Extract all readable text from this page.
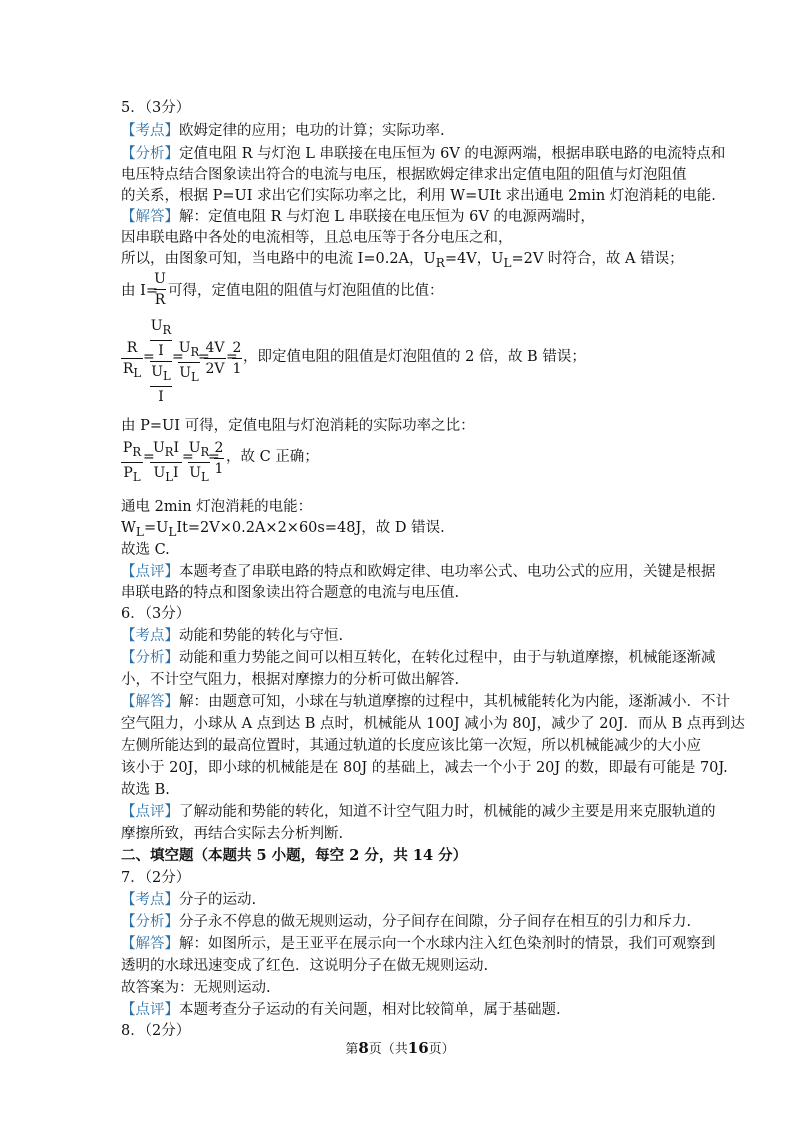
5．（3分）
【考点】欧姆定律的应用；电功的计算；实际功率.
【分析】定值电阻 R 与灯泡 L 串联接在电压恒为 6V 的电源两端，根据串联电路的电流特点和
电压特点结合图象读出符合的电流与电压，根据欧姆定律求出定值电阻的阻值与灯泡阻值
的关系，根据 P=UI 求出它们实际功率之比，利用 W=UIt 求出通电 2min 灯泡消耗的电能.
【解答】解：定值电阻 R 与灯泡 L 串联接在电压恒为 6V 的电源两端时，
因串联电路中各处的电流相等，且总电压等于各分电压之和，
所以，由图象可知，当电路中的电流 I=0.2A，$U_R=4V$，$U_L=2V$ 时符合，故 A 错误；
由 I=
U
R
可得，定值电阻的阻值与灯泡阻值的比值：
R
$R_L$
=
$U_R$
I
$U_L$
I
=
$U_R$
$U_L$
=
4V
2V
=
2
1
，即定值电阻的阻值是灯泡阻值的 2 倍，故 B 错误；
由 P=UI 可得，定值电阻与灯泡消耗的实际功率之比：
$P_R$
$P_L$
=
$U_RI$
$U_LI$
=
$U_R$
$U_L$
=
2
1
，故 C 正确；
通电 2min 灯泡消耗的电能：
$W_L=U_LIt=2V\times 0.2A\times 2\times 60s=48J$，故 D 错误.
故选 C.
【点评】本题考查了串联电路的特点和欧姆定律、电功率公式、电功公式的应用，关键是根据
串联电路的特点和图象读出符合题意的电流与电压值.
6．（3分）
【考点】动能和势能的转化与守恒.
【分析】动能和重力势能之间可以相互转化，在转化过程中，由于与轨道摩擦，机械能逐渐减
小，不计空气阻力，根据对摩擦力的分析可做出解答.
【解答】解：由题意可知，小球在与轨道摩擦的过程中，其机械能转化为内能，逐渐减小．不计
空气阻力，小球从 A 点到达 B 点时，机械能从 100J 减小为 80J，减少了 20J．而从 B 点再到达
左侧所能达到的最高位置时，其通过轨道的长度应该比第一次短，所以机械能减少的大小应
该小于 20J，即小球的机械能是在 80J 的基础上，减去一个小于 20J 的数，即最有可能是 70J.
故选 B.
【点评】了解动能和势能的转化，知道不计空气阻力时，机械能的减少主要是用来克服轨道的
摩擦所致，再结合实际去分析判断.
二、填空题（本题共 5 小题，每空 2 分，共 14 分）
7．（2分）
【考点】分子的运动.
【分析】分子永不停息的做无规则运动，分子间存在间隙，分子间存在相互的引力和斥力.
【解答】解：如图所示，是王亚平在展示向一个水球内注入红色染剂时的情景，我们可观察到
透明的水球迅速变成了红色．这说明分子在做无规则运动.
故答案为：无规则运动.
【点评】本题考查分子运动的有关问题，相对比较简单，属于基础题.
8．（2分）
第8页（共16页）
